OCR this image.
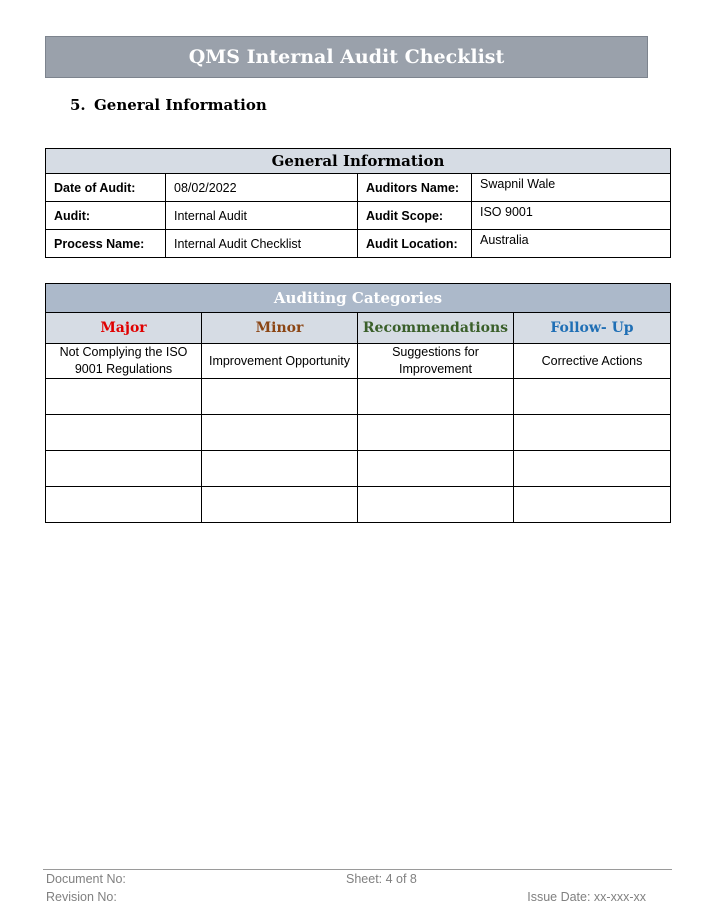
QMS Internal Audit Checklist
5. General Information
General Information			
Date of Audit:	08/02/2022	Auditors Name:	Swapnil Wale
Audit:	Internal Audit	Audit Scope:	ISO 9001
Process Name:	Internal Audit Checklist	Audit Location:	Australia
Auditing Categories			
Major	Minor	Recommendations	Follow- Up
Not Complying the ISO 9001 Regulations	Improvement Opportunity	Suggestions for Improvement	Corrective Actions

Document No:	Sheet: 4 of 8
Revision No:	Issue Date: xx-xxx-xx
